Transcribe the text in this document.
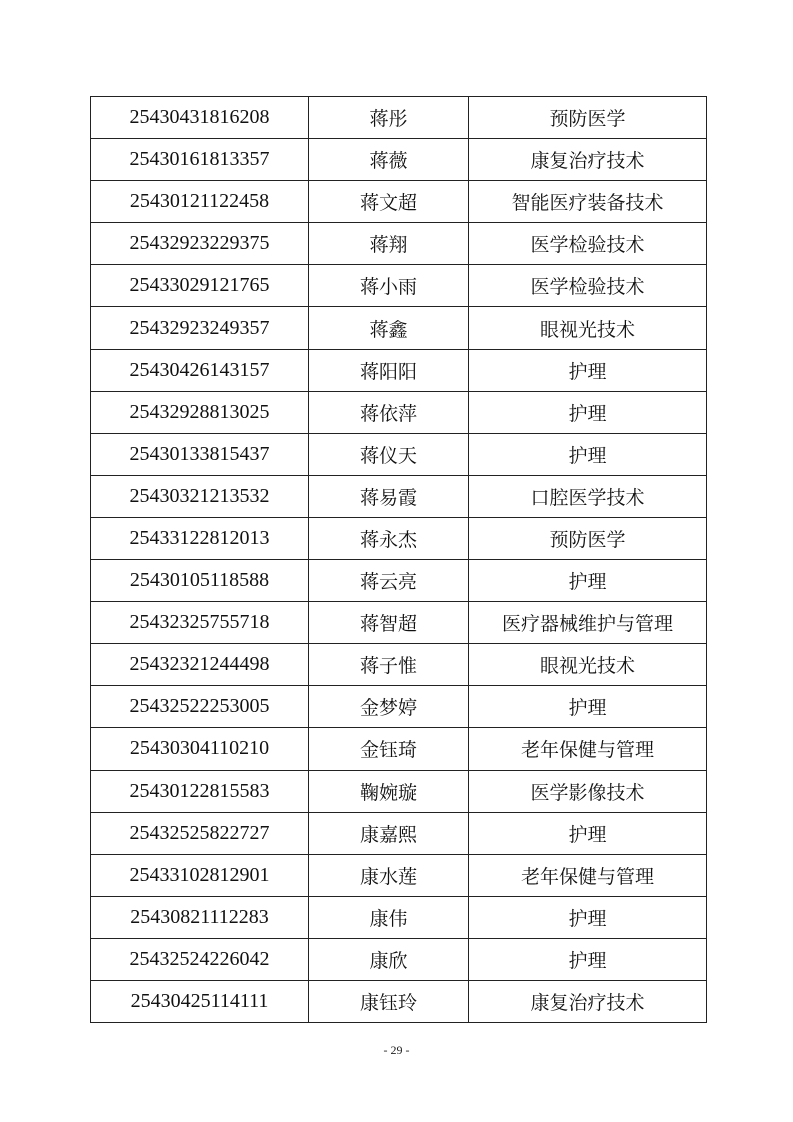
25430431816208	蒋彤	预防医学
25430161813357	蒋薇	康复治疗技术
25430121122458	蒋文超	智能医疗装备技术
25432923229375	蒋翔	医学检验技术
25433029121765	蒋小雨	医学检验技术
25432923249357	蒋鑫	眼视光技术
25430426143157	蒋阳阳	护理
25432928813025	蒋依萍	护理
25430133815437	蒋仪天	护理
25430321213532	蒋易霞	口腔医学技术
25433122812013	蒋永杰	预防医学
25430105118588	蒋云亮	护理
25432325755718	蒋智超	医疗器械维护与管理
25432321244498	蒋子惟	眼视光技术
25432522253005	金梦婷	护理
25430304110210	金钰琦	老年保健与管理
25430122815583	鞠婉璇	医学影像技术
25432525822727	康嘉熙	护理
25433102812901	康水莲	老年保健与管理
25430821112283	康伟	护理
25432524226042	康欣	护理
25430425114111	康钰玲	康复治疗技术
- 29 -
